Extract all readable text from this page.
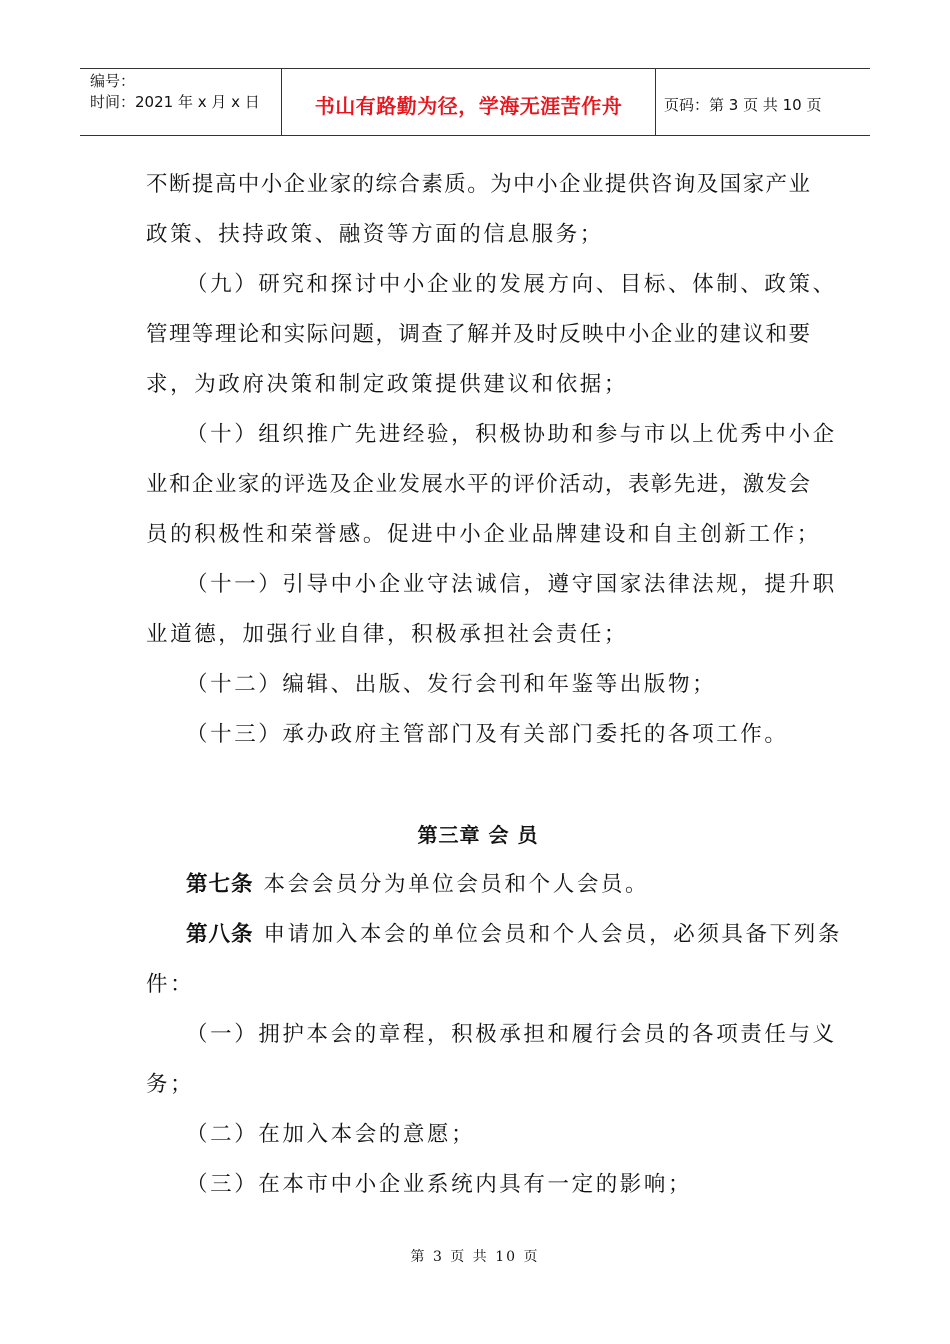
编号：
时间：2021 年 x 月 x 日	书山有路勤为径，学海无涯苦作舟	页码：第 3 页 共 10 页
不断提高中小企业家的综合素质。为中小企业提供咨询及国家产业
政策、扶持政策、融资等方面的信息服务；
（九）研究和探讨中小企业的发展方向、目标、体制、政策、
管理等理论和实际问题，调查了解并及时反映中小企业的建议和要
求，为政府决策和制定政策提供建议和依据；
（十）组织推广先进经验，积极协助和参与市以上优秀中小企
业和企业家的评选及企业发展水平的评价活动，表彰先进，激发会
员的积极性和荣誉感。促进中小企业品牌建设和自主创新工作；
（十一）引导中小企业守法诚信，遵守国家法律法规，提升职
业道德，加强行业自律，积极承担社会责任；
（十二）编辑、出版、发行会刊和年鉴等出版物；
（十三）承办政府主管部门及有关部门委托的各项工作。
第三章 会 员
第七条 本会会员分为单位会员和个人会员。
第八条 申请加入本会的单位会员和个人会员，必须具备下列条
件：
（一）拥护本会的章程，积极承担和履行会员的各项责任与义
务；
（二）在加入本会的意愿；
（三）在本市中小企业系统内具有一定的影响；
第 3 页 共 10 页
